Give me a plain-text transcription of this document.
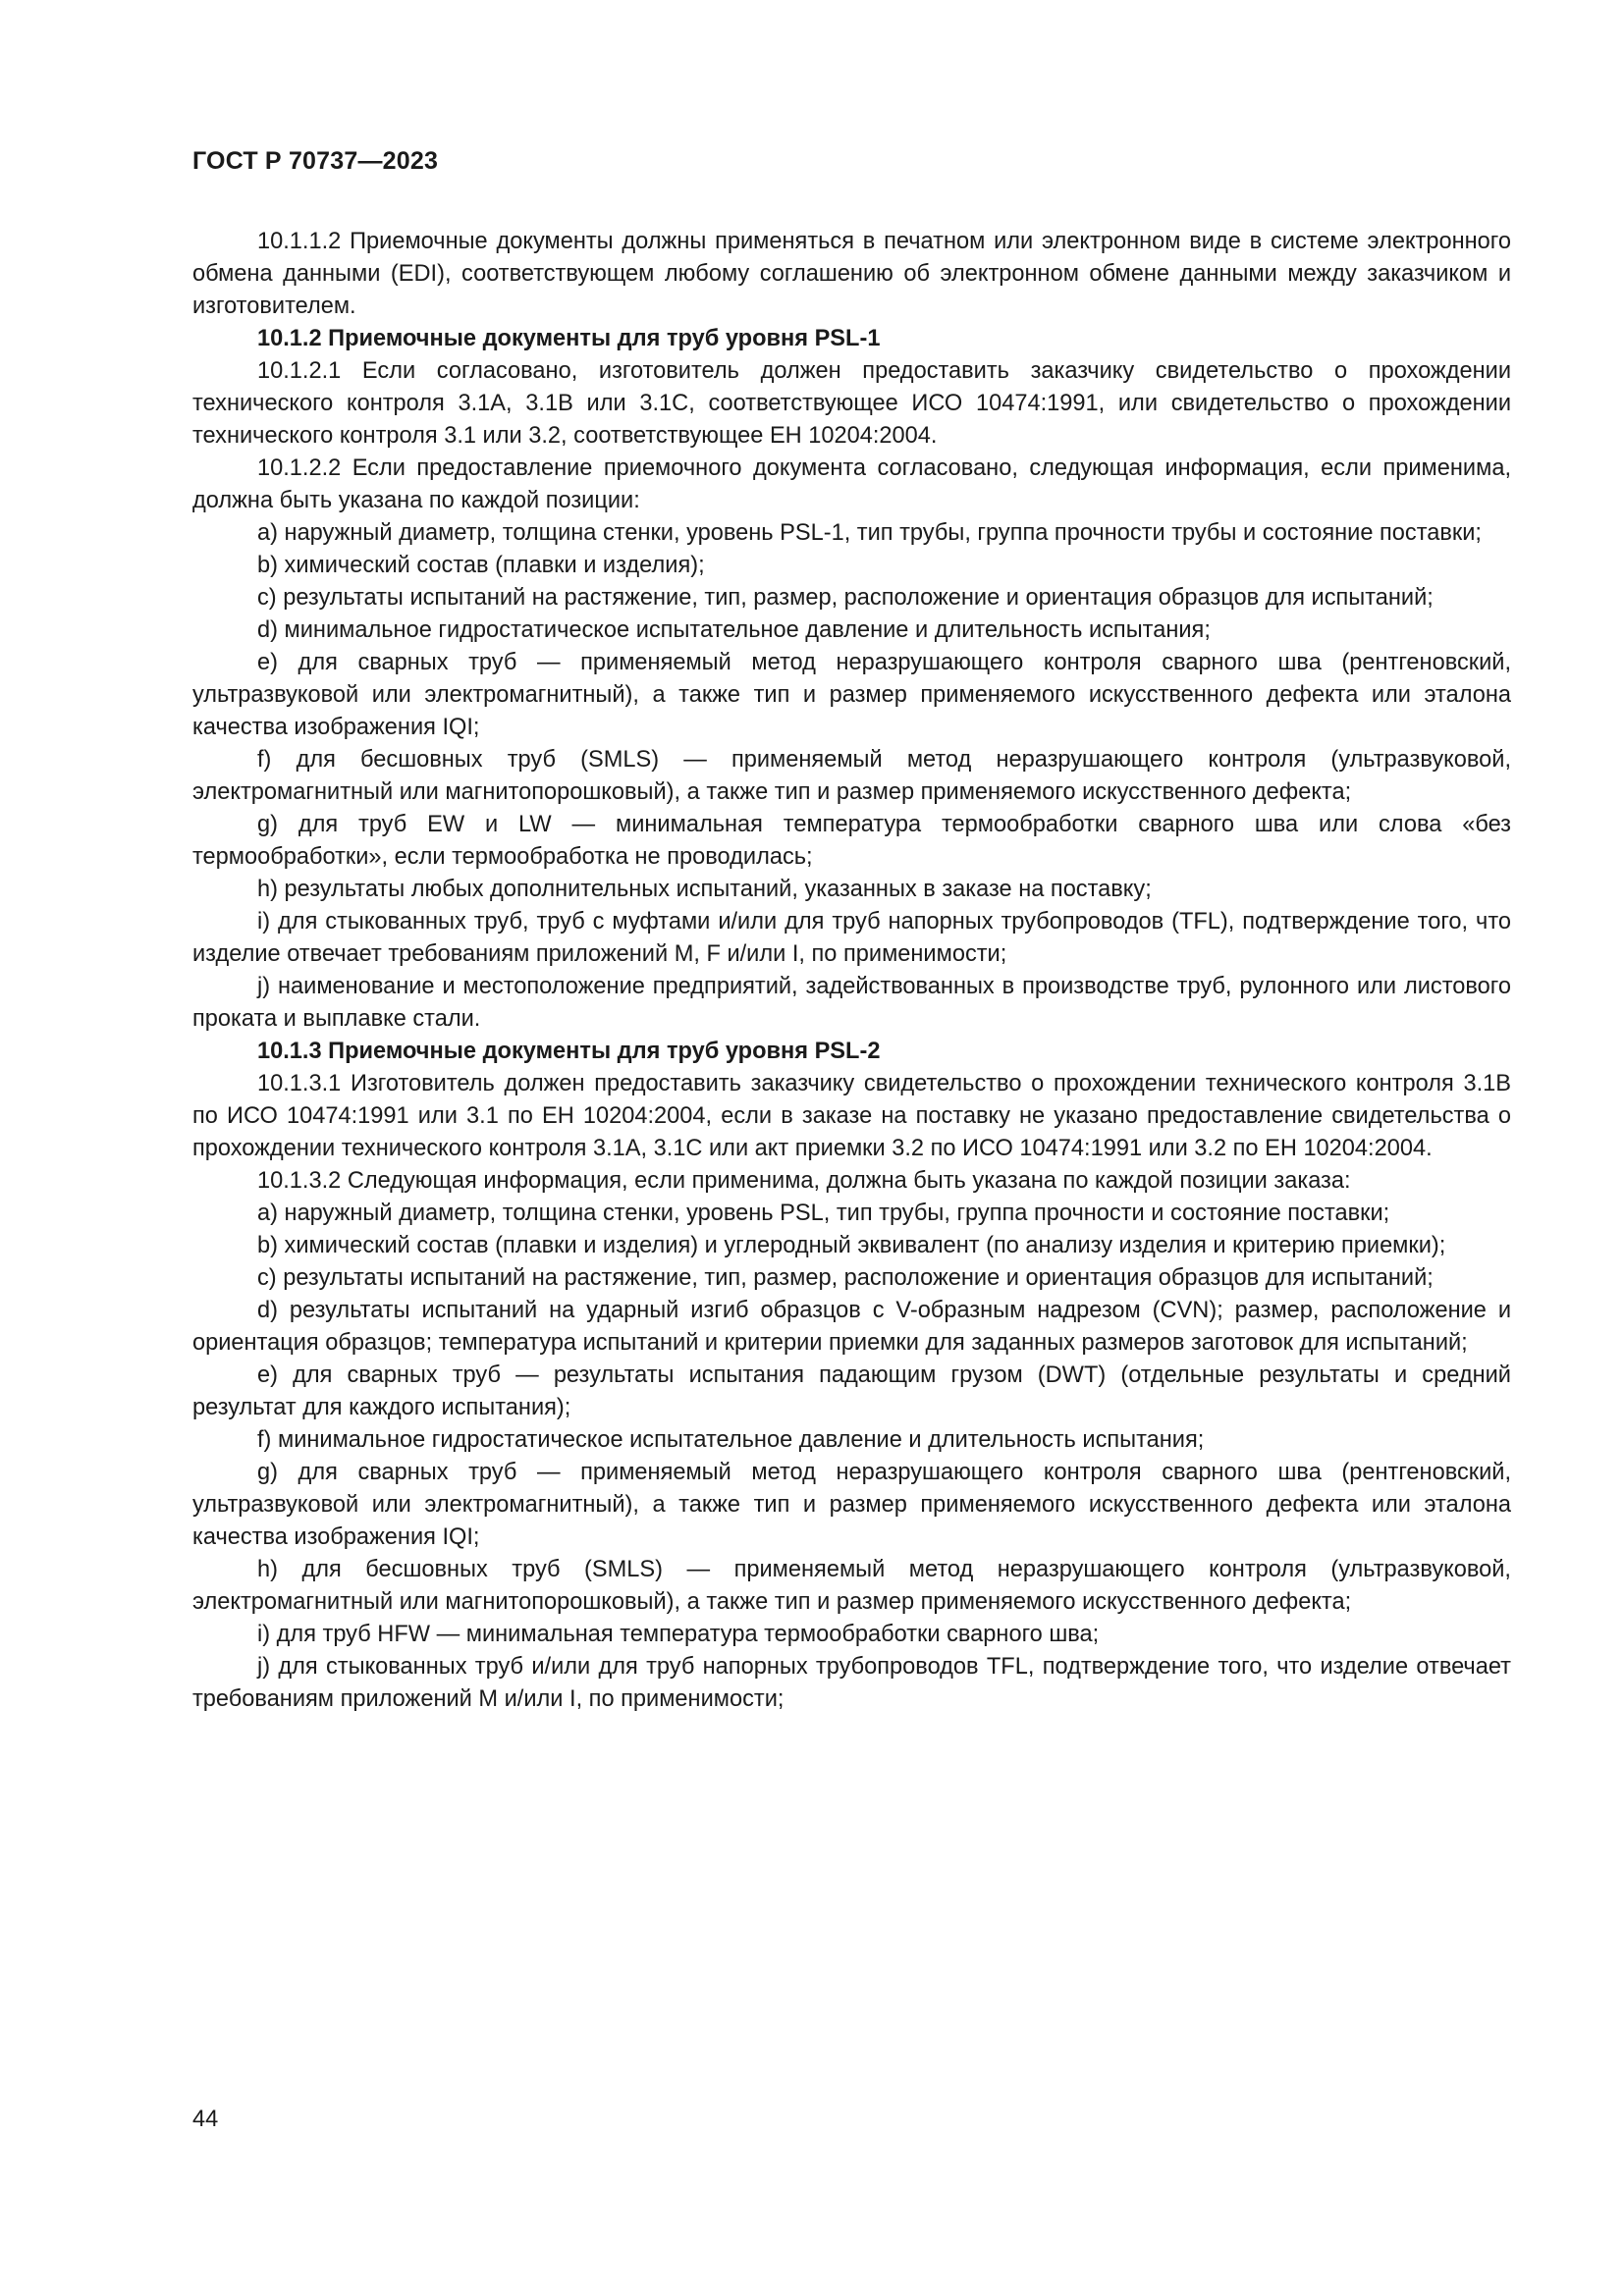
ГОСТ Р 70737—2023

10.1.1.2 Приемочные документы должны применяться в печатном или электронном виде в системе электронного обмена данными (EDI), соответствующем любому соглашению об электронном обмене данными между заказчиком и изготовителем.

10.1.2 Приемочные документы для труб уровня PSL-1

10.1.2.1 Если согласовано, изготовитель должен предоставить заказчику свидетельство о прохождении технического контроля 3.1A, 3.1B или 3.1C, соответствующее ИСО 10474:1991, или свидетельство о прохождении технического контроля 3.1 или 3.2, соответствующее ЕН 10204:2004.

10.1.2.2 Если предоставление приемочного документа согласовано, следующая информация, если применима, должна быть указана по каждой позиции:

a) наружный диаметр, толщина стенки, уровень PSL-1, тип трубы, группа прочности трубы и состояние поставки;

b) химический состав (плавки и изделия);

c) результаты испытаний на растяжение, тип, размер, расположение и ориентация образцов для испытаний;

d) минимальное гидростатическое испытательное давление и длительность испытания;

e) для сварных труб — применяемый метод неразрушающего контроля сварного шва (рентгеновский, ультразвуковой или электромагнитный), а также тип и размер применяемого искусственного дефекта или эталона качества изображения IQI;

f) для бесшовных труб (SMLS) — применяемый метод неразрушающего контроля (ультразвуковой, электромагнитный или магнитопорошковый), а также тип и размер применяемого искусственного дефекта;

g) для труб EW и LW — минимальная температура термообработки сварного шва или слова «без термообработки», если термообработка не проводилась;

h) результаты любых дополнительных испытаний, указанных в заказе на поставку;

i) для стыкованных труб, труб с муфтами и/или для труб напорных трубопроводов (TFL), подтверждение того, что изделие отвечает требованиям приложений M, F и/или I, по применимости;

j) наименование и местоположение предприятий, задействованных в производстве труб, рулонного или листового проката и выплавке стали.

10.1.3 Приемочные документы для труб уровня PSL-2

10.1.3.1 Изготовитель должен предоставить заказчику свидетельство о прохождении технического контроля 3.1B по ИСО 10474:1991 или 3.1 по ЕН 10204:2004, если в заказе на поставку не указано предоставление свидетельства о прохождении технического контроля 3.1A, 3.1C или акт приемки 3.2 по ИСО 10474:1991 или 3.2 по ЕН 10204:2004.

10.1.3.2 Следующая информация, если применима, должна быть указана по каждой позиции заказа:

a) наружный диаметр, толщина стенки, уровень PSL, тип трубы, группа прочности и состояние поставки;

b) химический состав (плавки и изделия) и углеродный эквивалент (по анализу изделия и критерию приемки);

c) результаты испытаний на растяжение, тип, размер, расположение и ориентация образцов для испытаний;

d) результаты испытаний на ударный изгиб образцов с V-образным надрезом (CVN); размер, расположение и ориентация образцов; температура испытаний и критерии приемки для заданных размеров заготовок для испытаний;

e) для сварных труб — результаты испытания падающим грузом (DWT) (отдельные результаты и средний результат для каждого испытания);

f) минимальное гидростатическое испытательное давление и длительность испытания;

g) для сварных труб — применяемый метод неразрушающего контроля сварного шва (рентгеновский, ультразвуковой или электромагнитный), а также тип и размер применяемого искусственного дефекта или эталона качества изображения IQI;

h) для бесшовных труб (SMLS) — применяемый метод неразрушающего контроля (ультразвуковой, электромагнитный или магнитопорошковый), а также тип и размер применяемого искусственного дефекта;

i) для труб HFW — минимальная температура термообработки сварного шва;

j) для стыкованных труб и/или для труб напорных трубопроводов TFL, подтверждение того, что изделие отвечает требованиям приложений M и/или I, по применимости;

44
